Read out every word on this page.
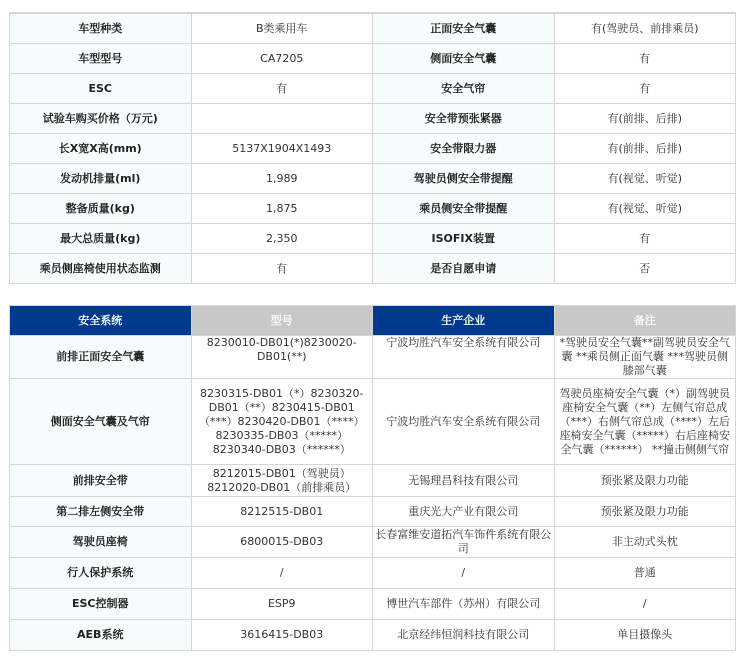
车型种类	B类乘用车	正面安全气囊	有(驾驶员、前排乘员)
车型型号	CA7205	侧面安全气囊	有
ESC	有	安全气帘	有
试验车购买价格（万元)		安全带预张紧器	有(前排、后排)
长X宽X高(mm)	5137X1904X1493	安全带限力器	有(前排、后排)
发动机排量(ml)	1,989	驾驶员侧安全带提醒	有(视觉、听觉)
整备质量(kg)	1,875	乘员侧安全带提醒	有(视觉、听觉)
最大总质量(kg)	2,350	ISOFIX装置	有
乘员侧座椅使用状态监测	有	是否自愿申请	否
安全系统	型号	生产企业	备注
前排正面安全气囊	8230010-DB01(*)8230020-DB01(**)	宁波均胜汽车安全系统有限公司	*驾驶员安全气囊**副驾驶员安全气囊 **乘员侧正面气囊 ***驾驶员侧膝部气囊
侧面安全气囊及气帘	8230315-DB01（*）8230320-DB01（**）8230415-DB01（***）8230420-DB01（****）8230335-DB03（*****）8230340-DB03（******）	宁波均胜汽车安全系统有限公司	驾驶员座椅安全气囊（*）副驾驶员座椅安全气囊（**）左侧气帘总成（***）右侧气帘总成（****）左后座椅安全气囊（*****）右后座椅安全气囊（******） **撞击侧侧气帘
前排安全带	8212015-DB01（驾驶员） 8212020-DB01（前排乘员）	无锡理昌科技有限公司	预张紧及限力功能
第二排左侧安全带	8212515-DB01	重庆光大产业有限公司	预张紧及限力功能
驾驶员座椅	6800015-DB03	长春富维安道拓汽车饰件系统有限公司	非主动式头枕
行人保护系统	/	/	普通
ESC控制器	ESP9	博世汽车部件（苏州）有限公司	/
AEB系统	3616415-DB03	北京经纬恒润科技有限公司	单目摄像头
